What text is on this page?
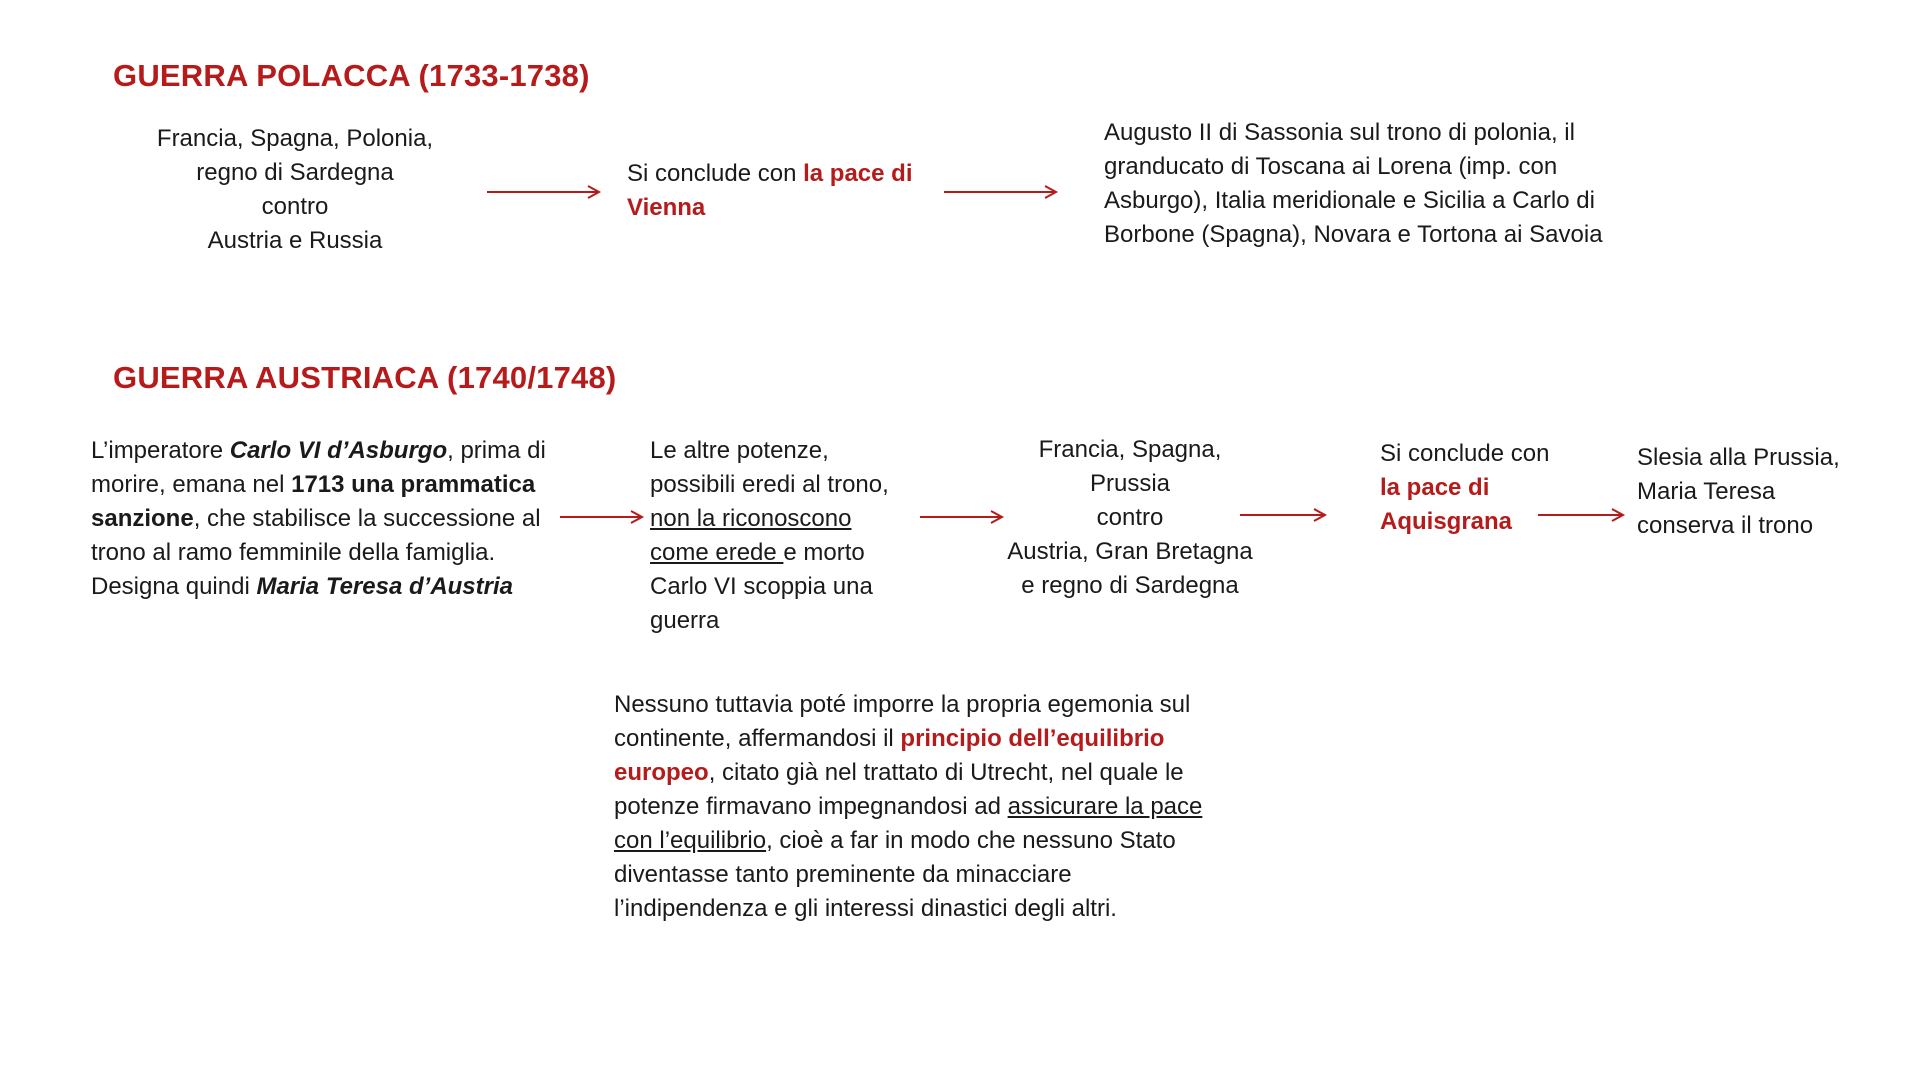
GUERRA POLACCA (1733-1738)
Francia, Spagna, Polonia,
regno di Sardegna
contro
Austria e Russia
Si conclude con la pace di
Vienna
Augusto II di Sassonia sul trono di polonia, il
granducato di Toscana ai Lorena (imp. con
Asburgo), Italia meridionale e Sicilia a Carlo di
Borbone (Spagna), Novara e Tortona ai Savoia
GUERRA AUSTRIACA (1740/1748)
L’imperatore Carlo VI d’Asburgo, prima di
morire, emana nel 1713 una prammatica
sanzione, che stabilisce la successione al
trono al ramo femminile della famiglia.
Designa quindi Maria Teresa d’Austria
Le altre potenze,
possibili eredi al trono,
non la riconoscono
come erede e morto
Carlo VI scoppia una
guerra
Francia, Spagna,
Prussia
contro
Austria, Gran Bretagna
e regno di Sardegna
Si conclude con
la pace di
Aquisgrana
Slesia alla Prussia,
Maria Teresa
conserva il trono
Nessuno tuttavia poté imporre la propria egemonia sul
continente, affermandosi il principio dell’equilibrio
europeo, citato già nel trattato di Utrecht, nel quale le
potenze firmavano impegnandosi ad assicurare la pace
con l’equilibrio, cioè a far in modo che nessuno Stato
diventasse tanto preminente da minacciare
l’indipendenza e gli interessi dinastici degli altri.
